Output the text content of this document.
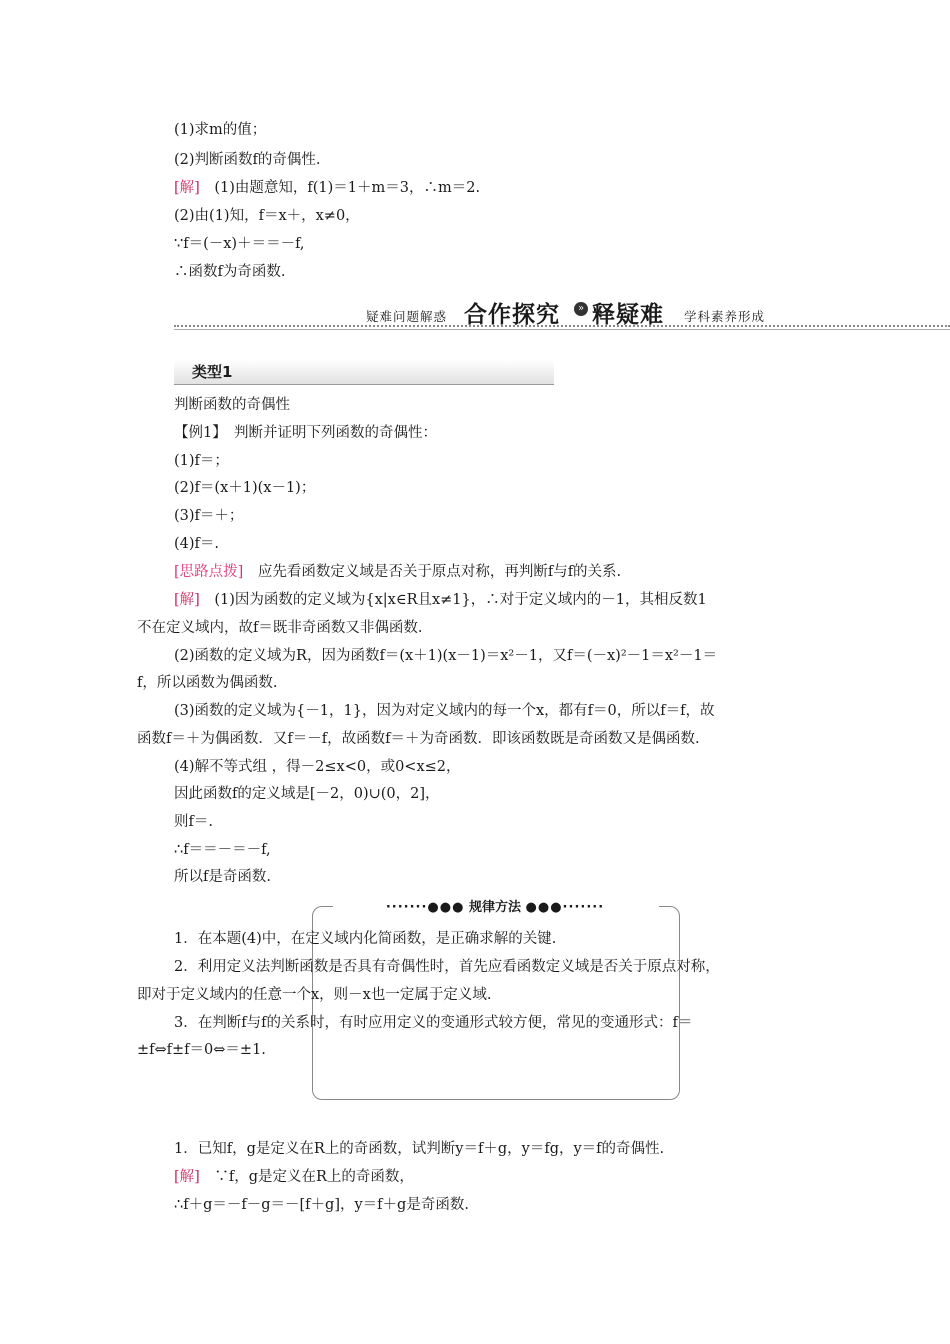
(1)求m的值；
(2)判断函数f的奇偶性.
[解]　(1)由题意知，f(1)＝1＋m＝3，∴m＝2.
(2)由(1)知，f＝x＋，x≠0，
∵f＝(－x)＋＝＝－f,
∴函数f为奇函数.
疑难问题解惑 合作探究	» 释疑难 学科素养形成
类型1
判断函数的奇偶性
【例1】　判断并证明下列函数的奇偶性：
(1)f＝；
(2)f＝(x＋1)(x－1)；
(3)f＝＋；
(4)f＝.
[思路点拨]　应先看函数定义域是否关于原点对称，再判断f与f的关系.
[解]　(1)因为函数的定义域为{x|x∈R且x≠1}，∴对于定义域内的－1，其相反数1
不在定义域内，故f＝既非奇函数又非偶函数.
(2)函数的定义域为R，因为函数f＝(x＋1)(x－1)＝x²－1，又f＝(－x)²－1＝x²－1＝
f，所以函数为偶函数.
(3)函数的定义域为{－1，1}，因为对定义域内的每一个x，都有f＝0，所以f＝f，故
函数f＝＋为偶函数．又f＝－f，故函数f＝＋为奇函数．即该函数既是奇函数又是偶函数.
(4)解不等式组 ，得－2≤x<0，或0<x≤2，
因此函数f的定义域是[－2，0)∪(0，2]，
则f＝.
∴f＝＝－＝－f,
所以f是奇函数.
·······●●● 规律方法 ●●●·······
1．在本题(4)中，在定义域内化简函数，是正确求解的关键.
2．利用定义法判断函数是否具有奇偶性时，首先应看函数定义域是否关于原点对称，
即对于定义域内的任意一个x，则－x也一定属于定义域.
3．在判断f与f的关系时，有时应用定义的变通形式较方便，常见的变通形式：f＝
±f⇔f±f＝0⇔＝±1.
1．已知f，g是定义在R上的奇函数，试判断y＝f＋g，y＝fg，y＝f的奇偶性.
[解]　∵f，g是定义在R上的奇函数，
∴f＋g＝－f－g＝－[f＋g]，y＝f＋g是奇函数.
